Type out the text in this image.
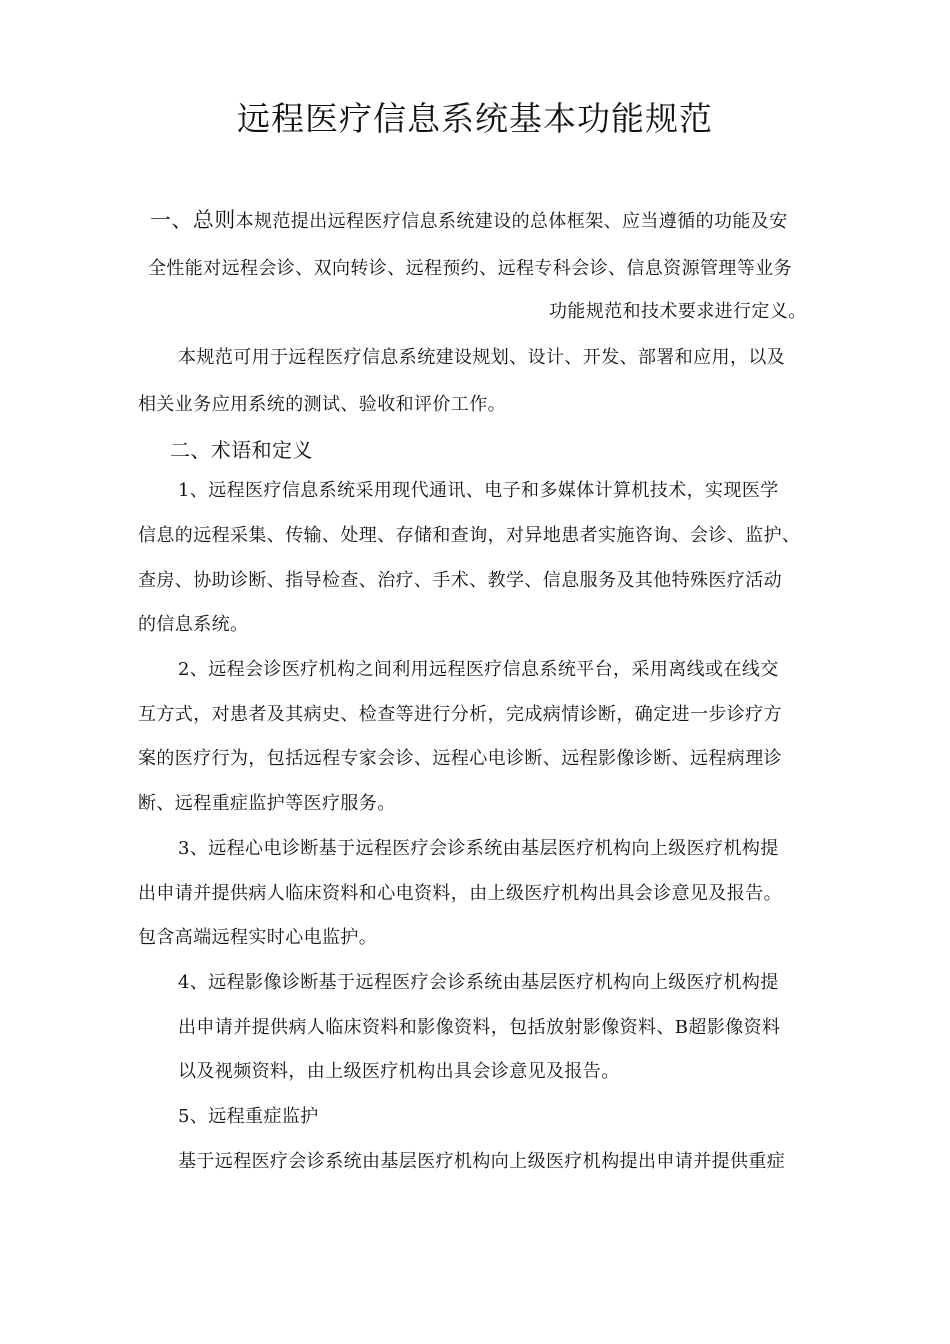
远程医疗信息系统基本功能规范
一、总则本规范提出远程医疗信息系统建设的总体框架、应当遵循的功能及安
全性能对远程会诊、双向转诊、远程预约、远程专科会诊、信息资源管理等业务
功能规范和技术要求进行定义。
本规范可用于远程医疗信息系统建设规划、设计、开发、部署和应用，以及
相关业务应用系统的测试、验收和评价工作。
二、术语和定义
1、远程医疗信息系统采用现代通讯、电子和多媒体计算机技术，实现医学
信息的远程采集、传输、处理、存储和查询，对异地患者实施咨询、会诊、监护、
查房、协助诊断、指导检查、治疗、手术、教学、信息服务及其他特殊医疗活动
的信息系统。
2、远程会诊医疗机构之间利用远程医疗信息系统平台，采用离线或在线交
互方式，对患者及其病史、检查等进行分析，完成病情诊断，确定进一步诊疗方
案的医疗行为，包括远程专家会诊、远程心电诊断、远程影像诊断、远程病理诊
断、远程重症监护等医疗服务。
3、远程心电诊断基于远程医疗会诊系统由基层医疗机构向上级医疗机构提
出申请并提供病人临床资料和心电资料，由上级医疗机构出具会诊意见及报告。
包含高端远程实时心电监护。
4、远程影像诊断基于远程医疗会诊系统由基层医疗机构向上级医疗机构提
出申请并提供病人临床资料和影像资料，包括放射影像资料、B超影像资料
以及视频资料，由上级医疗机构出具会诊意见及报告。
5、远程重症监护
基于远程医疗会诊系统由基层医疗机构向上级医疗机构提出申请并提供重症
